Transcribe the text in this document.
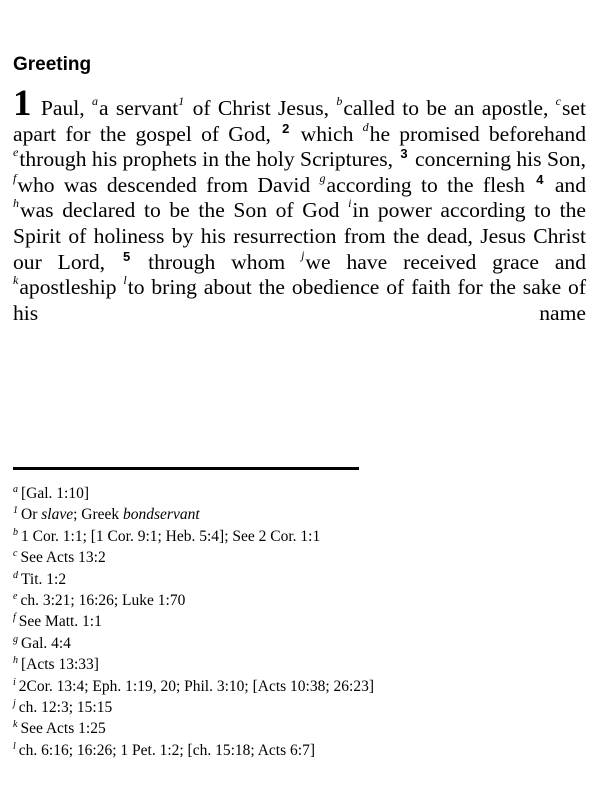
Greeting
1 Paul, $^a$a servant$^1$ of Christ Jesus, $^b$called to be an apostle, $^c$set apart for the gospel of God, $^2$ which $^d$he promised beforehand $^e$through his prophets in the holy Scriptures, $^3$ concerning his Son, $^f$who was descended from David $^g$according to the flesh $^4$ and $^h$was declared to be the Son of God $^i$in power according to the Spirit of holiness by his resurrection from the dead, Jesus Christ our Lord, $^5$ through whom $^j$we have received grace and $^k$apostleship $^l$to bring about the obedience of faith for the sake of his name
$^a$ [Gal. 1:10]
$^1$ Or slave; Greek bondservant
$^b$ 1 Cor. 1:1; [1 Cor. 9:1; Heb. 5:4]; See 2 Cor. 1:1
$^c$ See Acts 13:2
$^d$ Tit. 1:2
$^e$ ch. 3:21; 16:26; Luke 1:70
$^f$ See Matt. 1:1
$^g$ Gal. 4:4
$^h$ [Acts 13:33]
$^i$ 2Cor. 13:4; Eph. 1:19, 20; Phil. 3:10; [Acts 10:38; 26:23]
$^j$ ch. 12:3; 15:15
$^k$ See Acts 1:25
$^l$ ch. 6:16; 16:26; 1 Pet. 1:2; [ch. 15:18; Acts 6:7]
